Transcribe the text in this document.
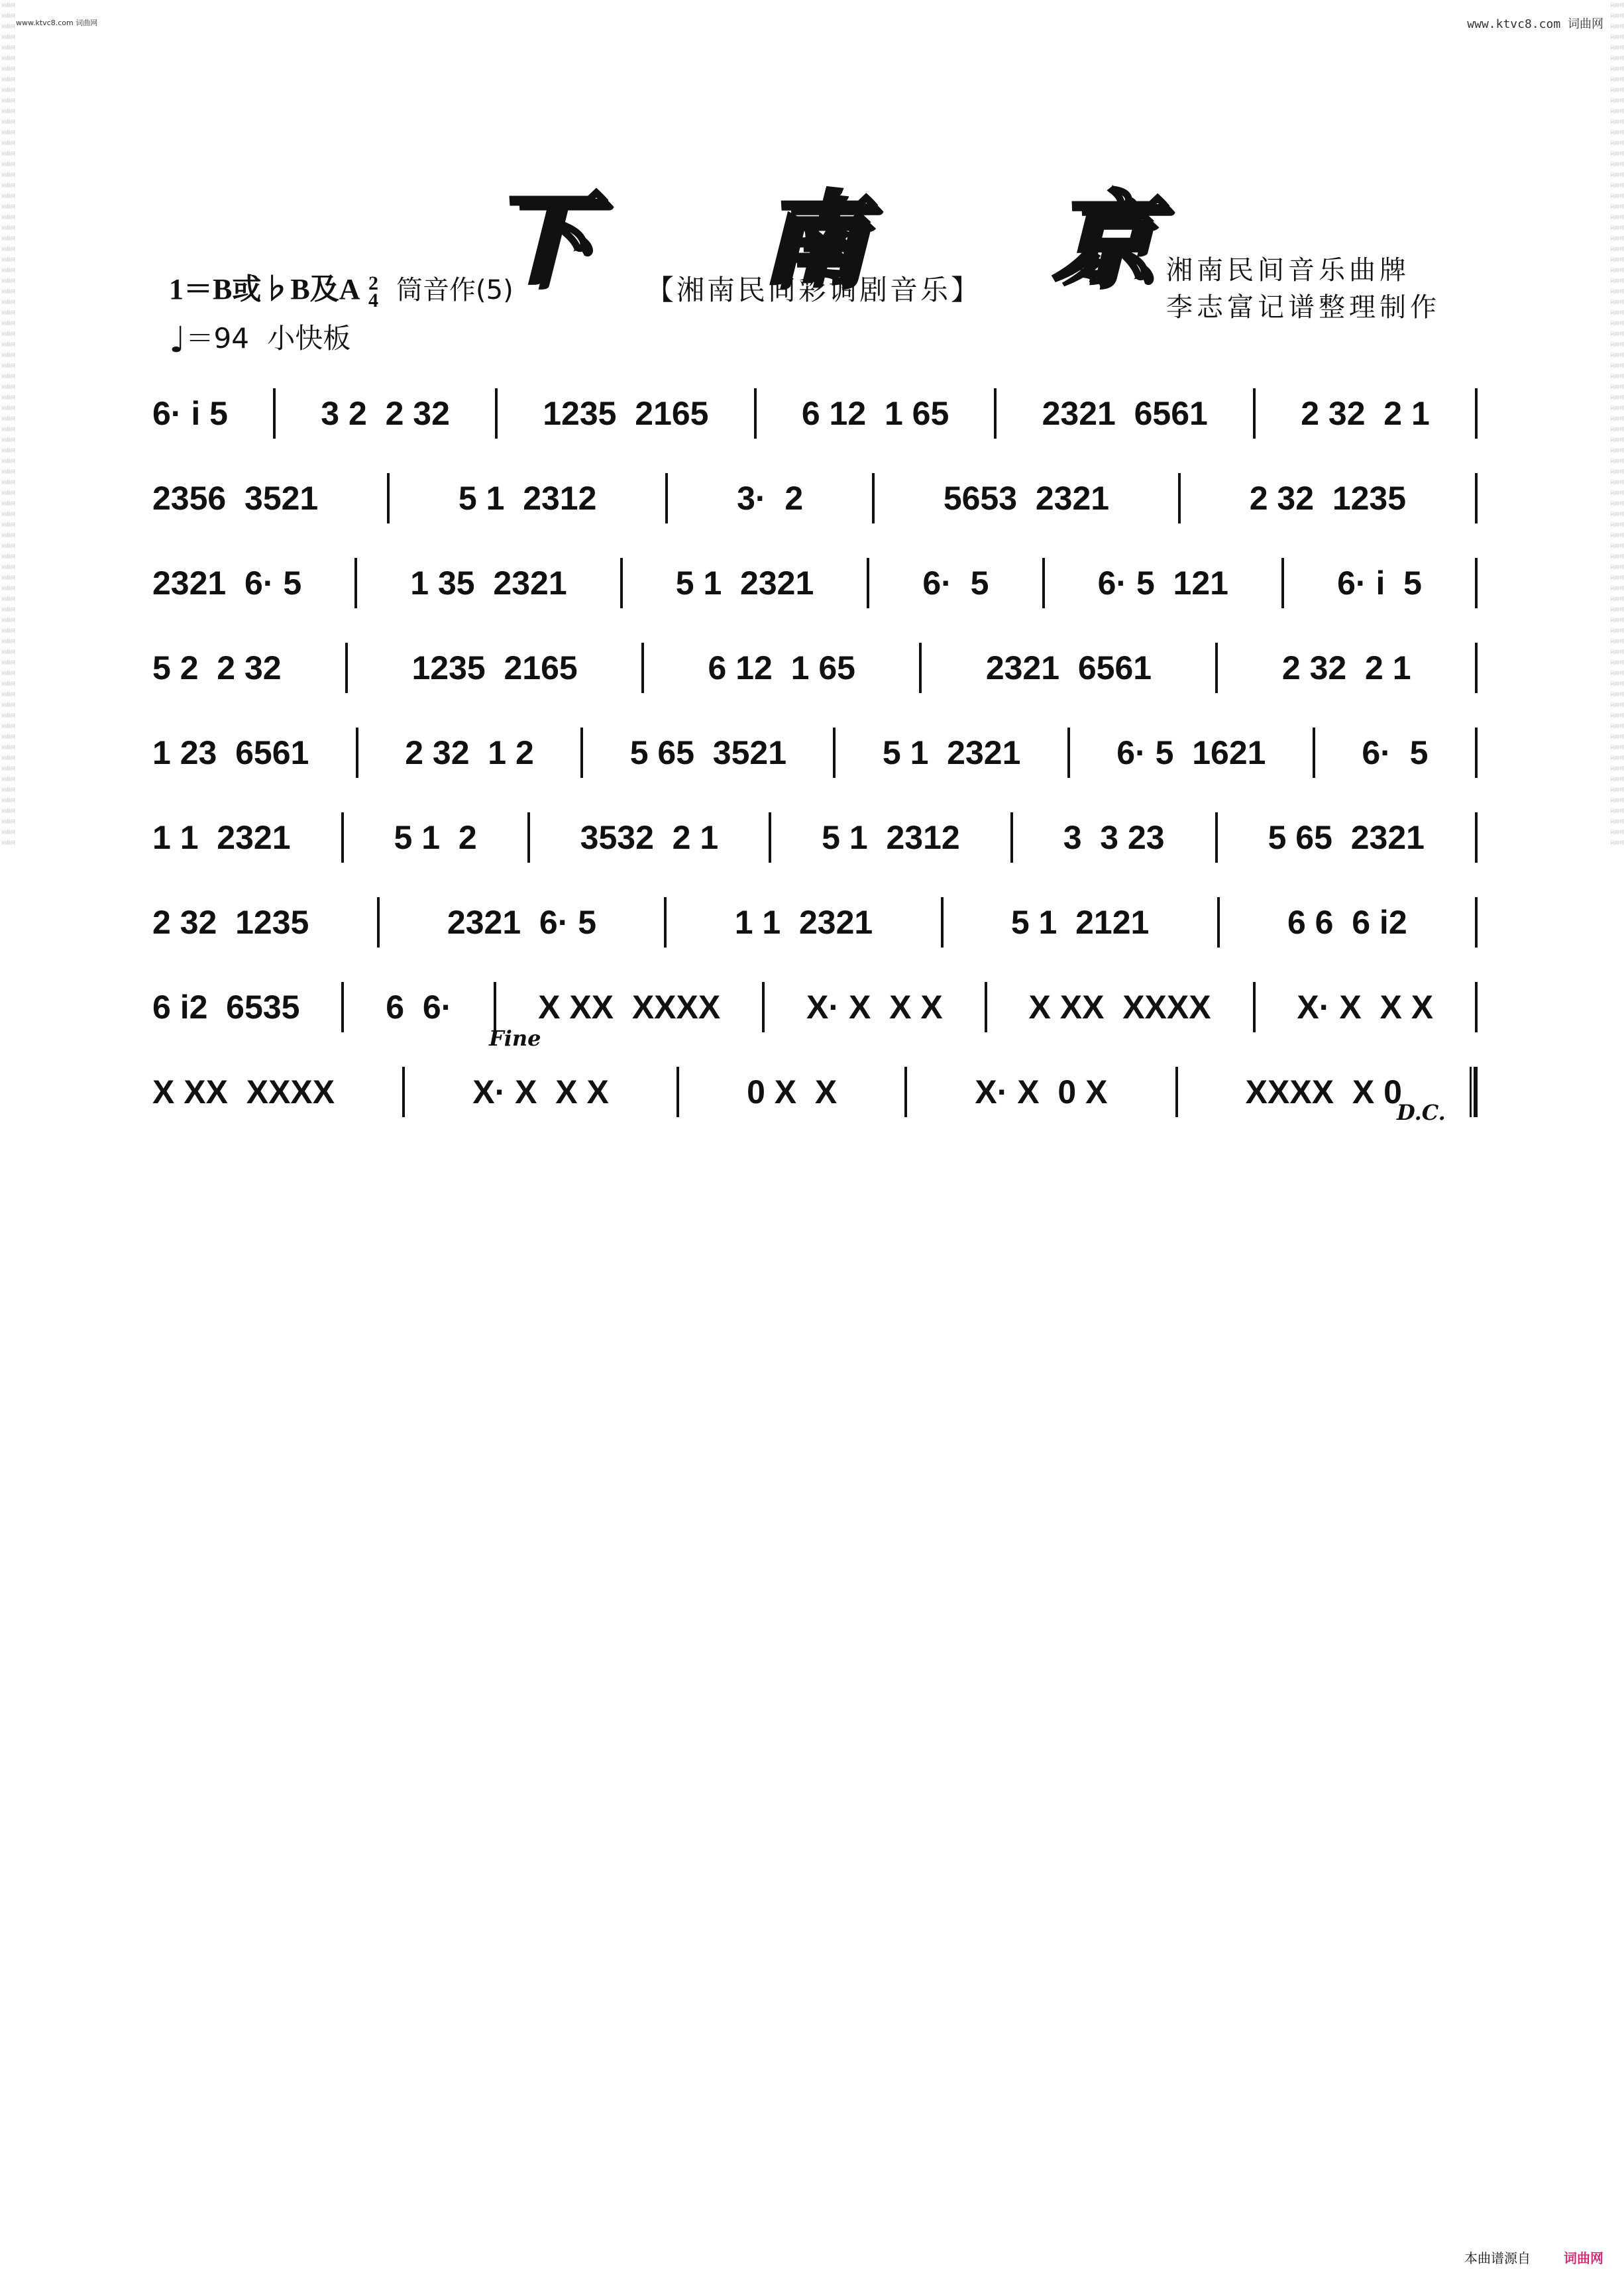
词曲网
词曲网
词曲网
词曲网
词曲网
词曲网
词曲网
词曲网
词曲网
词曲网
词曲网
词曲网
词曲网
词曲网
词曲网
词曲网
词曲网
词曲网
词曲网
词曲网
词曲网
词曲网
词曲网
词曲网
词曲网
词曲网
词曲网
词曲网
词曲网
词曲网
词曲网
词曲网
词曲网
词曲网
词曲网
词曲网
词曲网
词曲网
词曲网
词曲网
词曲网
词曲网
词曲网
词曲网
词曲网
词曲网
词曲网
词曲网
词曲网
词曲网
词曲网
词曲网
词曲网
词曲网
词曲网
词曲网
词曲网
词曲网
词曲网
词曲网
词曲网
词曲网
词曲网
词曲网
词曲网
词曲网
词曲网
词曲网
词曲网
词曲网
词曲网
词曲网
词曲网
词曲网
词曲网
词曲网
词曲网
词曲网
词曲网
词曲网

词曲网
词曲网
词曲网
词曲网
词曲网
词曲网
词曲网
词曲网
词曲网
词曲网
词曲网
词曲网
词曲网
词曲网
词曲网
词曲网
词曲网
词曲网
词曲网
词曲网
词曲网
词曲网
词曲网
词曲网
词曲网
词曲网
词曲网
词曲网
词曲网
词曲网
词曲网
词曲网
词曲网
词曲网
词曲网
词曲网
词曲网
词曲网
词曲网
词曲网
词曲网
词曲网
词曲网
词曲网
词曲网
词曲网
词曲网
词曲网
词曲网
词曲网
词曲网
词曲网
词曲网
词曲网
词曲网
词曲网
词曲网
词曲网
词曲网
词曲网
词曲网
词曲网
词曲网
词曲网
词曲网
词曲网
词曲网
词曲网
词曲网
词曲网
词曲网
词曲网
词曲网
词曲网
词曲网
词曲网
词曲网
词曲网
词曲网
词曲网

www.ktvc8.com 词曲网	www.ktvc8.com 词曲网
下 南 京
1＝B或♭B及A 2
4 筒音作(5)
♩＝94 小快板
【湘南民间彩调剧音乐】
湘南民间音乐曲牌
李志富记谱整理制作
6· i 5	3 2  2 32	1235  2165	6 12  1 65	2321  6561	2 32  2 1
2356  3521	5 1  2312	3·  2	5653  2321	2 32  1235
2321  6· 5	1 35  2321	5 1  2321	6·  5	6· 5  121	6· i  5
5 2  2 32	1235  2165	6 12  1 65	2321  6561	2 32  2 1
1 23  6561	2 32  1 2	5 65  3521	5 1  2321	6· 5  1621	6·  5
1 1  2321	5 1  2	3532  2 1	5 1  2312	3  3 23	5 65  2321
2 32  1235	2321  6· 5	1 1  2321	5 1  2121	6 6  6 i2
6 i2  6535	6  6·	X XX  XXXX	X· X  X X	X XX  XXXX	X· X  X X
X XX  XXXX	X· X  X X	0 X  X	X· X  0 X	XXXX  X 0
Fine
D.C.
本曲谱源自	词曲网
